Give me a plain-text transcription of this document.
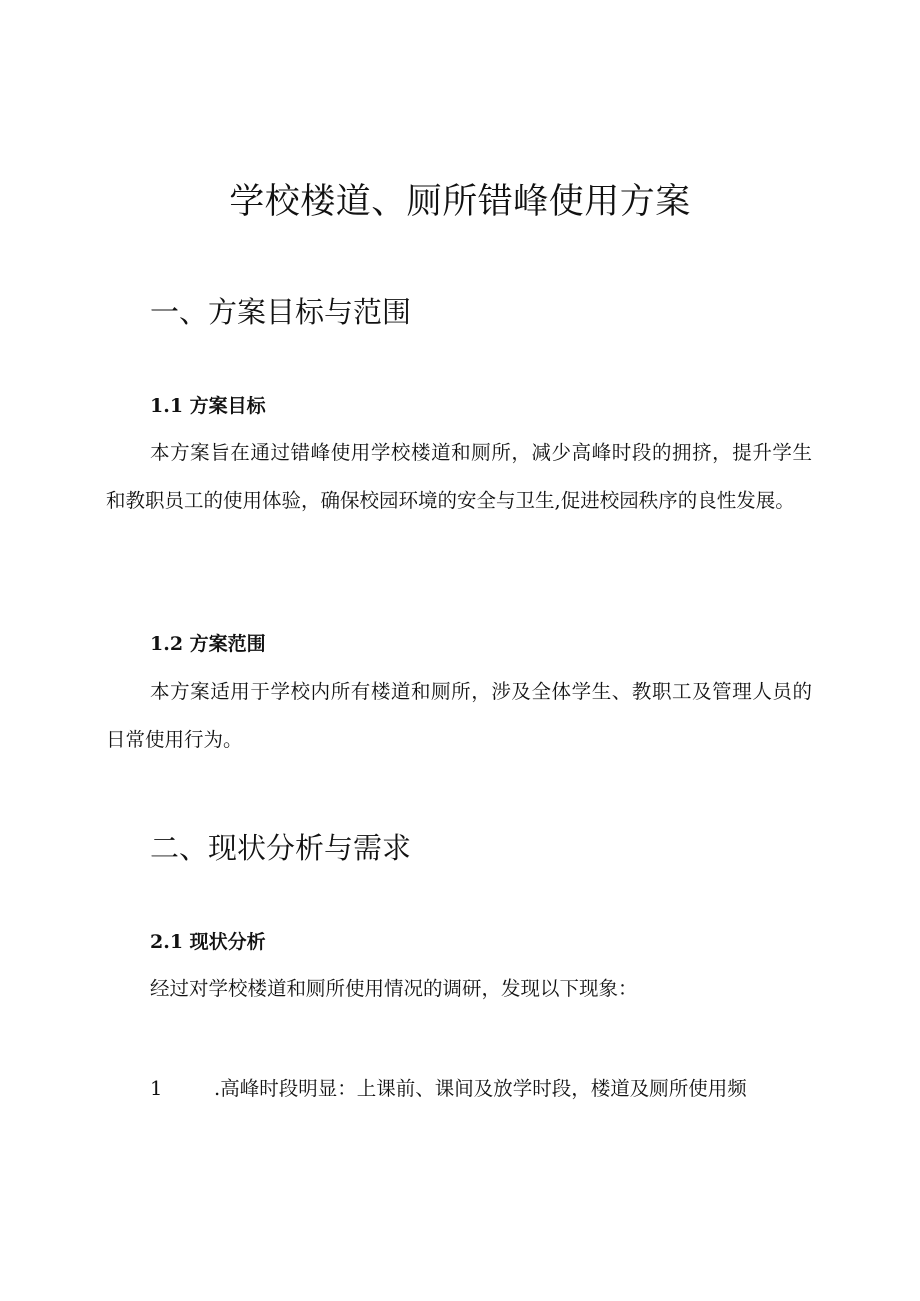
学校楼道、厕所错峰使用方案
一、方案目标与范围
1.1 方案目标

本方案旨在通过错峰使用学校楼道和厕所，减少高峰时段的拥挤，提升学生和教职员工的使用体验，确保校园环境的安全与卫生,促进校园秩序的良性发展。

1.2 方案范围

本方案适用于学校内所有楼道和厕所，涉及全体学生、教职工及管理人员的日常使用行为。

二、现状分析与需求
2.1 现状分析

经过对学校楼道和厕所使用情况的调研，发现以下现象：

1	.高峰时段明显：上课前、课间及放学时段，楼道及厕所使用频
